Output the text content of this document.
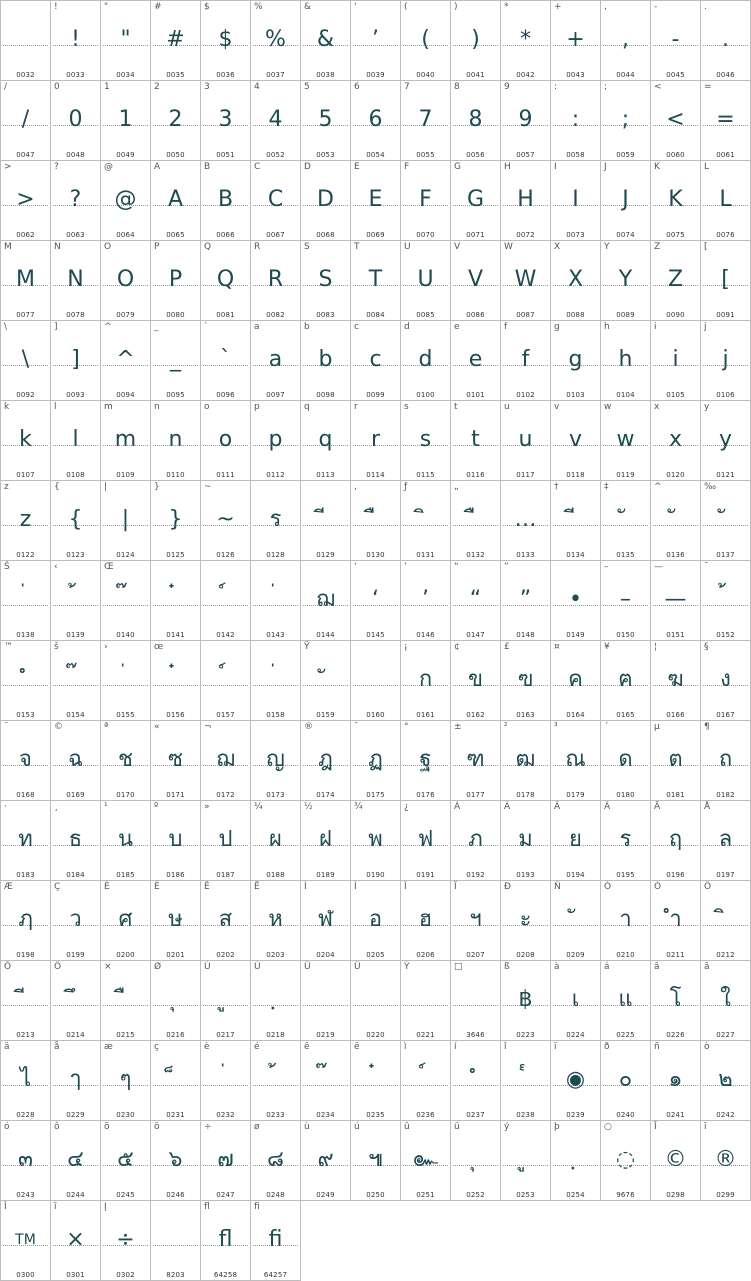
0032
!
!
0033
"
"
0034
#
#
0035
$
$
0036
%
%
0037
&
&
0038
'
’
0039
(
(
0040
)
)
0041
*
*
0042
+
+
0043
,
,
0044
-
-
0045
.
.
0046
/
/
0047
0
0
0048
1
1
0049
2
2
0050
3
3
0051
4
4
0052
5
5
0053
6
6
0054
7
7
0055
8
8
0056
9
9
0057
:
:
0058
;
;
0059
<
<
0060
=
=
0061
>
>
0062
?
?
0063
@
@
0064
A
A
0065
B
B
0066
C
C
0067
D
D
0068
E
E
0069
F
F
0070
G
G
0071
H
H
0072
I
I
0073
J
J
0074
K
K
0075
L
L
0076
M
M
0077
N
N
0078
O
O
0079
P
P
0080
Q
Q
0081
R
R
0082
S
S
0083
T
T
0084
U
U
0085
V
V
0086
W
W
0087
X
X
0088
Y
Y
0089
Z
Z
0090
[
[
0091
\
\
0092
]
]
0093
^
^
0094
_
_
0095
`
`
0096
a
a
0097
b
b
0098
c
c
0099
d
d
0100
e
e
0101
f
f
0102
g
g
0103
h
h
0104
i
i
0105
j
j
0106
k
k
0107
l
l
0108
m
m
0109
n
n
0110
o
o
0111
p
p
0112
q
q
0113
r
r
0114
s
s
0115
t
t
0116
u
u
0117
v
v
0118
w
w
0119
x
x
0120
y
y
0121
z
z
0122
{
{
0123
|
|
0124
}
}
0125
~
~
0126
ร
0128	0129
,
0130
ƒ
0131
„
0132
…
0133
†
0134
‡
0135
^
0136
‰
0137
Š
0138
‹
0139
Œ
0140	0141	0142	0143
ฌ
0144
‘
‘
0145
’
’
0146
“
“
0147
”
”
0148
•
0149
–
–
0150
—
—
0151
˜
0152
™
0153
š
0154
›
0155
œ
0156	0157	0158
Ÿ
0159	0160
¡
ก
0161
¢
ข
0162
£
ฃ
0163
¤
ค
0164
¥
ฅ
0165
¦
ฆ
0166
§
ง
0167
¨
จ
0168
©
ฉ
0169
ª
ช
0170
«
ซ
0171
¬
ฌ
0172
ญ
0173
®
ฎ
0174
¯
ฏ
0175
°
ฐ
0176
±
ฑ
0177
²
ฒ
0178
³
ณ
0179
´
ด
0180
µ
ต
0181
¶
ถ
0182
·
ท
0183
¸
ธ
0184
¹
น
0185
º
บ
0186
»
ป
0187
¼
ผ
0188
½
ฝ
0189
¾
พ
0190
¿
ฟ
0191
À
ภ
0192
Á
ม
0193
Â
ย
0194
Ã
ร
0195
Ä
ฤ
0196
Å
ล
0197
Æ
ฦ
0198
Ç
ว
0199
È
ศ
0200
É
ษ
0201
Ê
ส
0202
Ë
ห
0203
Ì
ฬ
0204
Í
อ
0205
Î
ฮ
0206
Ï
ฯ
0207
Ð
ะ
0208
Ñ
0209
Ò
า
0210
Ó
ำ
0211
Ô
0212
Õ
0213
Ö
0214
×
0215
Ø
0216
Ù
0217
Ú
0218
Û
0219
Ü
0220
Ý
0221
□
3646
ß
฿
0223
à
เ
0224
á
แ
0225
â
โ
0226
ã
ใ
0227
ä
ไ
0228
å
ๅ
0229
æ
ๆ
0230
ç
0231
è
0232
é
0233
ê
0234
ë
0235
ì
0236
í
0237
î
0238
ï
◉
0239
ð
๐
0240
ñ
๑
0241
ò
๒
0242
ó
๓
0243
ô
๔
0244
õ
๕
0245
ö
๖
0246
÷
๗
0247
ø
๘
0248
ù
๙
0249
ú
๚
0250
û
๛
0251
ü
0252
ý
0253
þ
0254
○
◌
9676
Ī
©
0298
ī
®
0299
Ĭ
TM
0300
ĭ
×
0301
Į
÷
0302	8203
ﬂ
ﬂ
64258
ﬁ
ﬁ
64257
